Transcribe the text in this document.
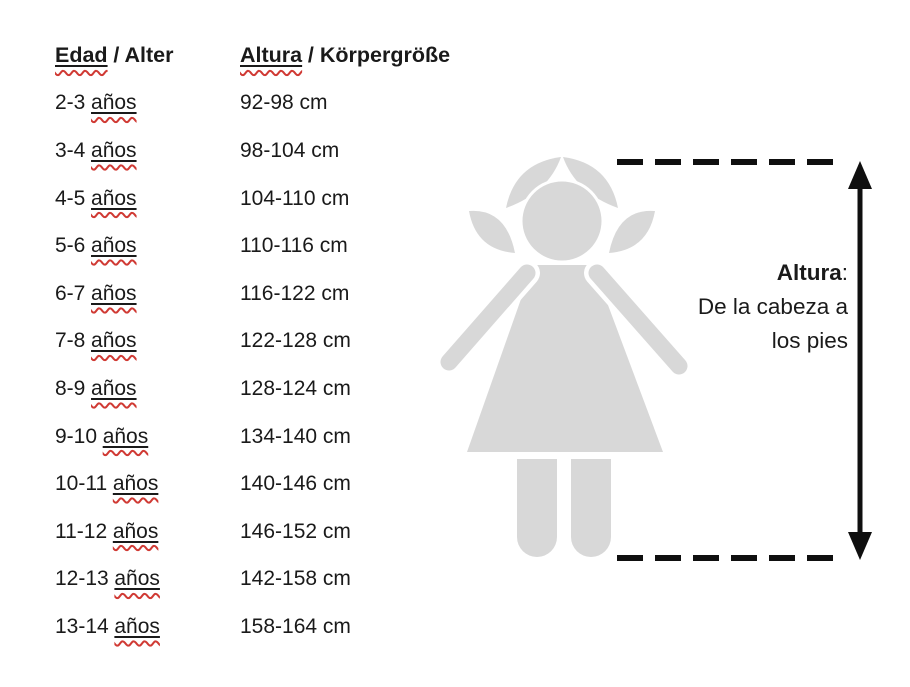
Edad / Alter	Altura / Körpergröße
2-3 años	92-98 cm
3-4 años	98-104 cm
4-5 años	104-110 cm
5-6 años	110-116 cm
6-7 años	116-122 cm
7-8 años	122-128 cm
8-9 años	128-124 cm
9-10 años	134-140 cm
10-11 años	140-146 cm
11-12 años	146-152 cm
12-13 años	142-158 cm
13-14 años	158-164 cm
Altura:
De la cabeza a
los pies
